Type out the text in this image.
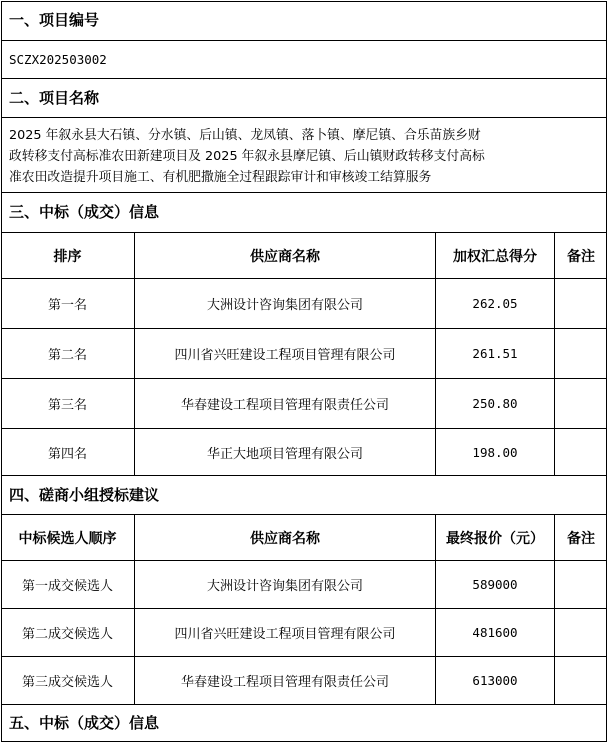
一、项目编号
SCZX202503002
二、项目名称
2025 年叙永县大石镇、分水镇、后山镇、龙凤镇、落卜镇、摩尼镇、合乐苗族乡财
政转移支付高标准农田新建项目及 2025 年叙永县摩尼镇、后山镇财政转移支付高标
准农田改造提升项目施工、有机肥撒施全过程跟踪审计和审核竣工结算服务
三、中标（成交）信息
排序	供应商名称	加权汇总得分	备注
第一名	大洲设计咨询集团有限公司	262.05
第二名	四川省兴旺建设工程项目管理有限公司	261.51
第三名	华春建设工程项目管理有限责任公司	250.80
第四名	华正大地项目管理有限公司	198.00
四、磋商小组授标建议
中标候选人顺序	供应商名称	最终报价（元）	备注
第一成交候选人	大洲设计咨询集团有限公司	589000
第二成交候选人	四川省兴旺建设工程项目管理有限公司	481600
第三成交候选人	华春建设工程项目管理有限责任公司	613000
五、中标（成交）信息
